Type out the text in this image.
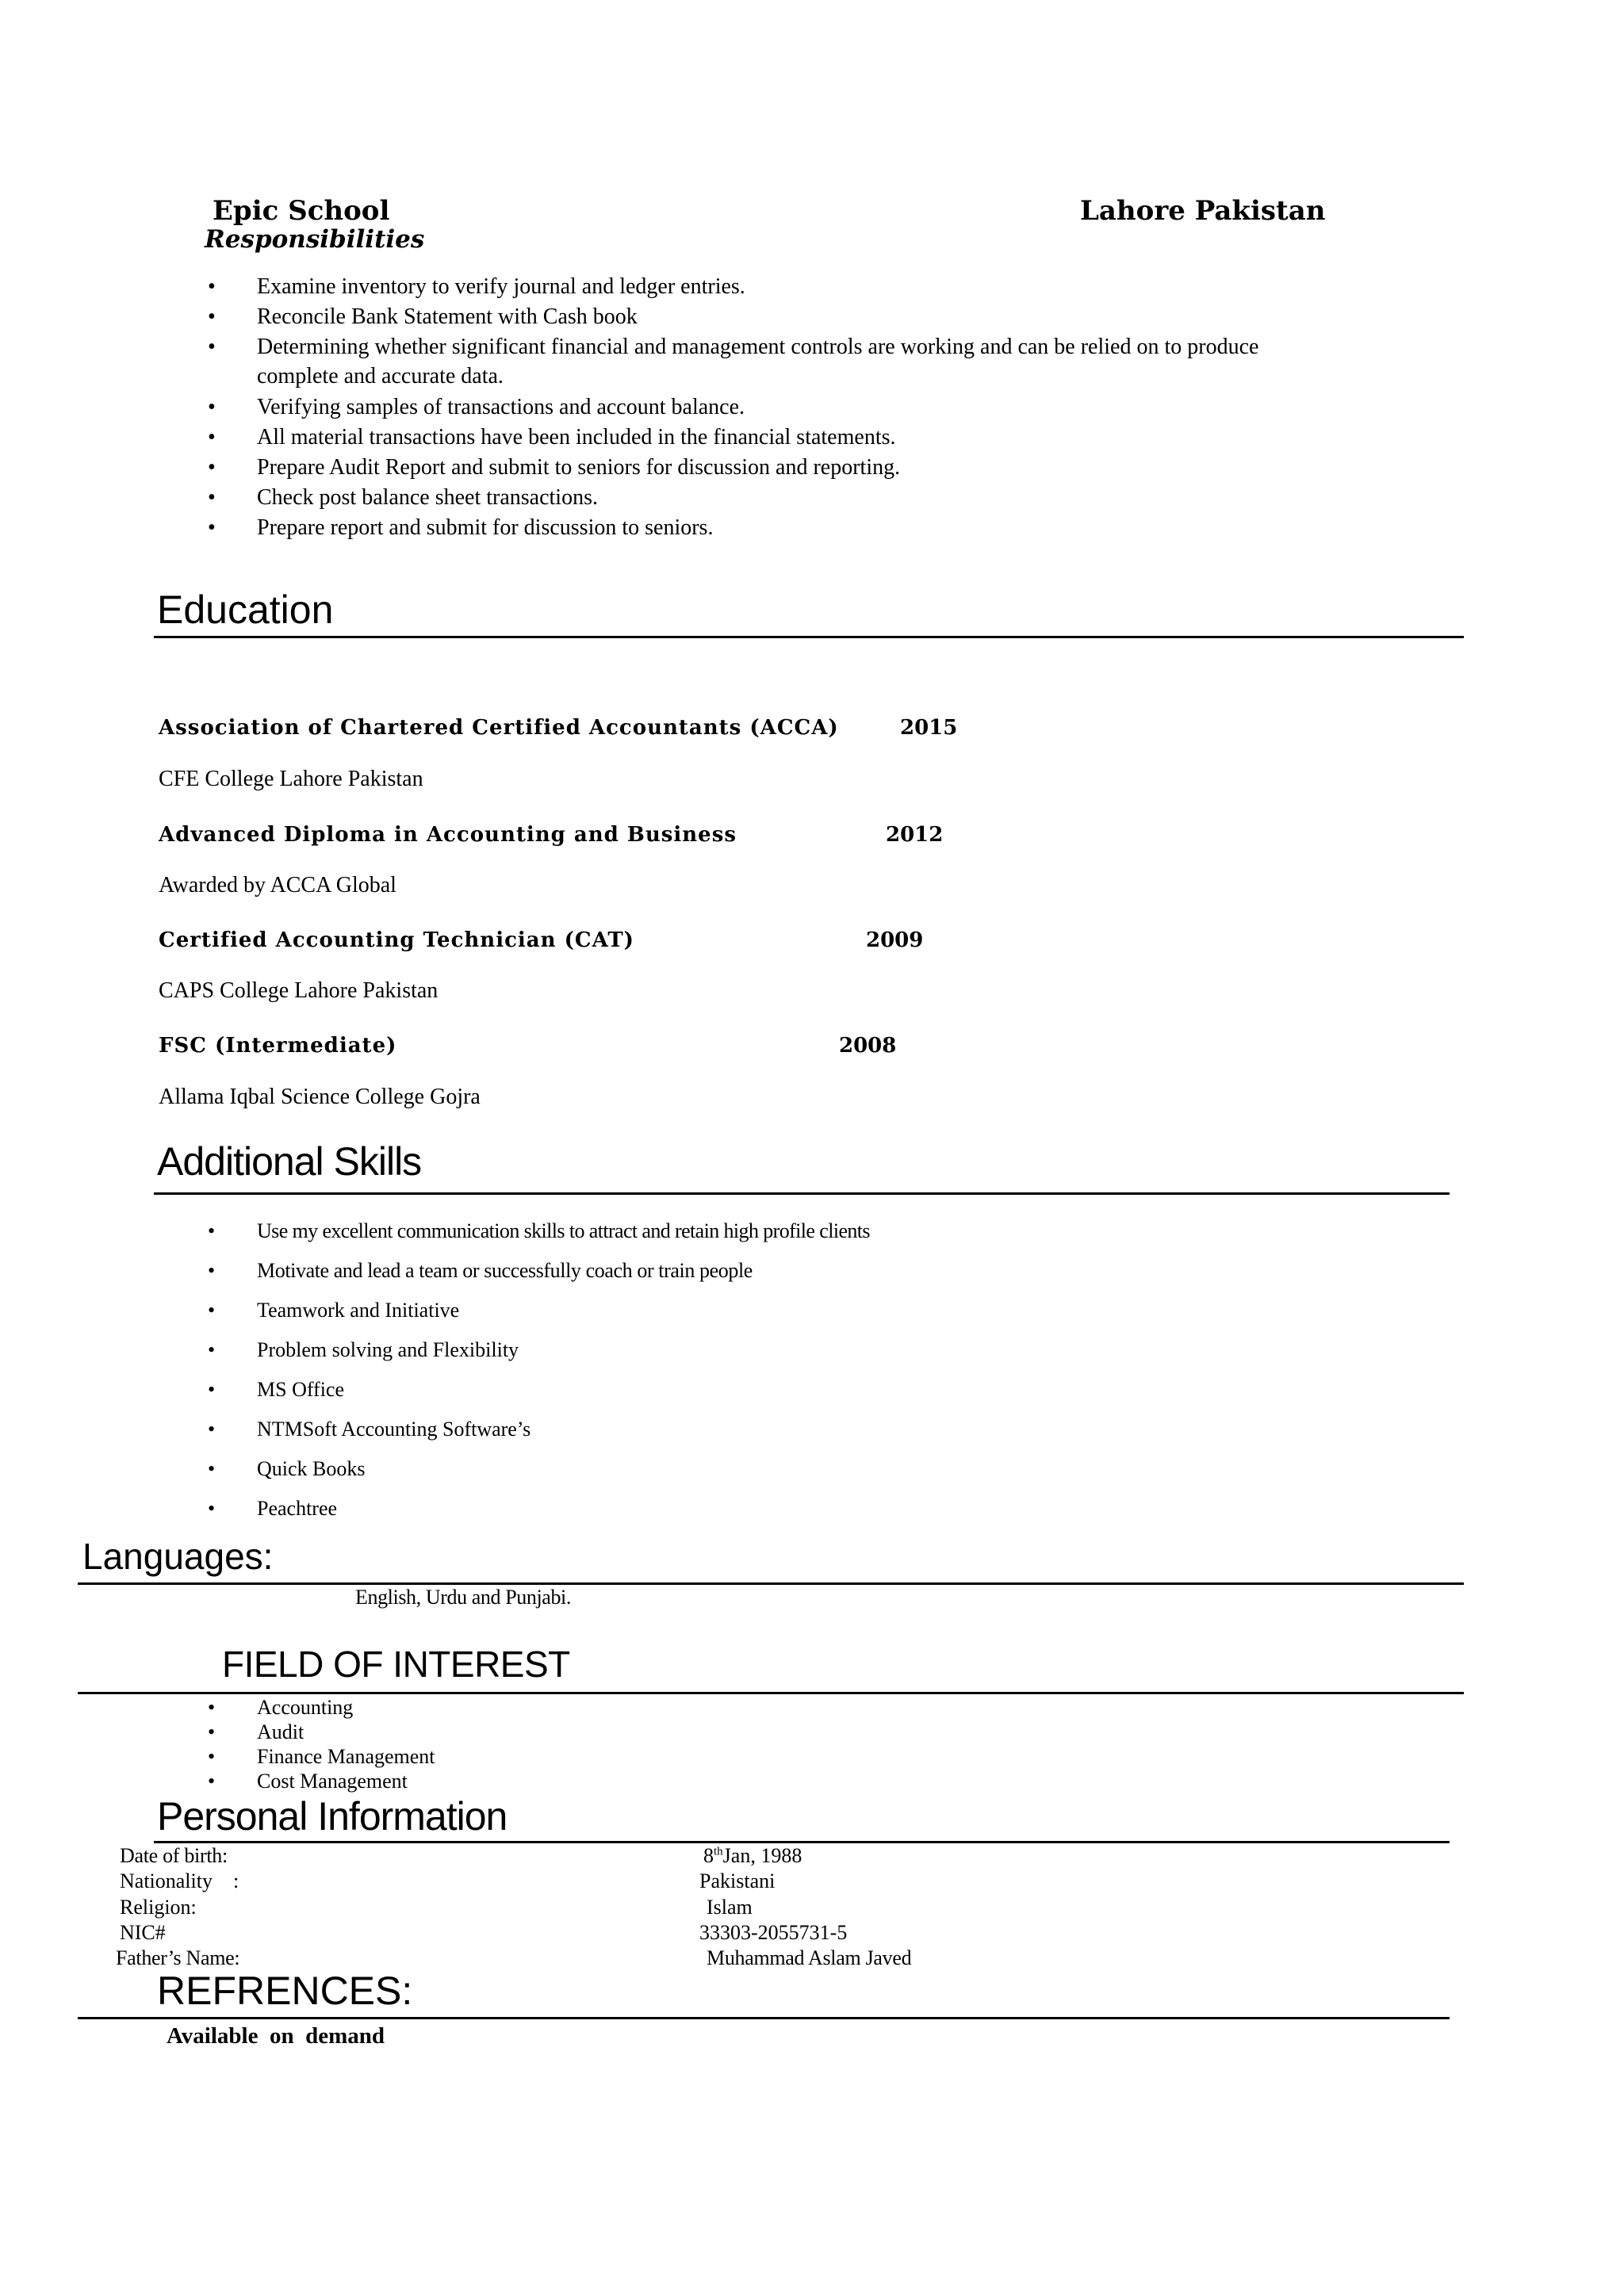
Epic School	Lahore Pakistan
Responsibilities
• Examine inventory to verify journal and ledger entries.
• Reconcile Bank Statement with Cash book
• Determining whether significant financial and management controls are working and can be relied on to produce
complete and accurate data.
• Verifying samples of transactions and account balance.
• All material transactions have been included in the financial statements.
• Prepare Audit Report and submit to seniors for discussion and reporting.
• Check post balance sheet transactions.
• Prepare report and submit for discussion to seniors.
Education
Association of Chartered Certified Accountants (ACCA)	2015
CFE College Lahore Pakistan
Advanced Diploma in Accounting and Business	2012
Awarded by ACCA Global
Certified Accounting Technician (CAT)	2009
CAPS College Lahore Pakistan
FSC (Intermediate)	2008
Allama Iqbal Science College Gojra
Additional Skills
• Use my excellent communication skills to attract and retain high profile clients
• Motivate and lead a team or successfully coach or train people
• Teamwork and Initiative
• Problem solving and Flexibility
• MS Office
• NTMSoft Accounting Software’s
• Quick Books
• Peachtree
Languages:
English, Urdu and Punjabi.
FIELD OF INTEREST
• Accounting
• Audit
• Finance Management
• Cost Management
Personal Information
Date of birth:	8thJan, 1988
Nationality    :	Pakistani
Religion:	Islam
NIC#	33303-2055731-5
Father’s Name:	Muhammad Aslam Javed
REFRENCES:
Available  on  demand
